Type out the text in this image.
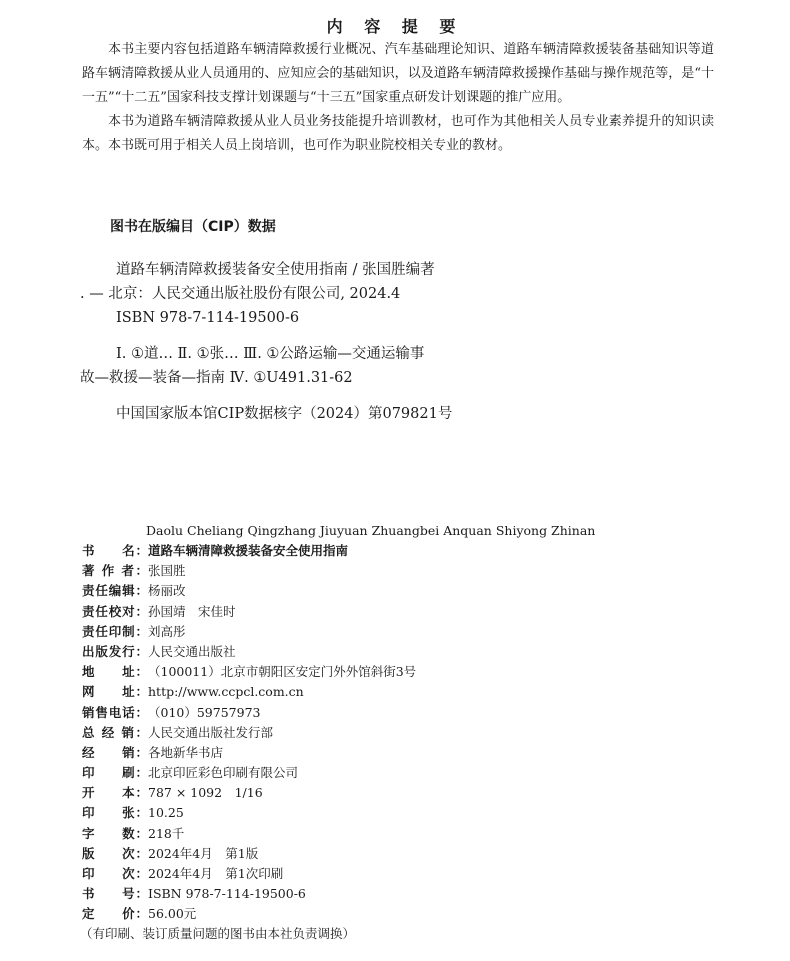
内 容 提 要

本书主要内容包括道路车辆清障救援行业概况、汽车基础理论知识、道路车辆清障救援装备基础知识等道路车辆清障救援从业人员通用的、应知应会的基础知识，以及道路车辆清障救援操作基础与操作规范等，是“十一五”“十二五”国家科技支撑计划课题与“十三五”国家重点研发计划课题的推广应用。

本书为道路车辆清障救援从业人员业务技能提升培训教材，也可作为其他相关人员专业素养提升的知识读本。本书既可用于相关人员上岗培训，也可作为职业院校相关专业的教材。

图书在版编目（CIP）数据
道路车辆清障救援装备安全使用指南 / 张国胜编著
. — 北京：人民交通出版社股份有限公司, 2024.4
ISBN 978-7-114-19500-6
Ⅰ. ①道… Ⅱ. ①张… Ⅲ. ①公路运输—交通运输事
故—救援—装备—指南 Ⅳ. ①U491.31-62
中国国家版本馆CIP数据核字（2024）第079821号
Daolu Cheliang Qingzhang Jiuyuan Zhuangbei Anquan Shiyong Zhinan
书　　名： 道路车辆清障救援装备安全使用指南
著 作 者： 张国胜
责任编辑： 杨丽改
责任校对： 孙国靖　宋佳时
责任印制： 刘高彤
出版发行： 人民交通出版社
地　　址： （100011）北京市朝阳区安定门外外馆斜街3号
网　　址： http://www.ccpcl.com.cn
销售电话： （010）59757973
总 经 销： 人民交通出版社发行部
经　　销： 各地新华书店
印　　刷： 北京印匠彩色印刷有限公司
开　　本： 787 × 1092　1/16
印　　张： 10.25
字　　数： 218千
版　　次： 2024年4月　第1版
印　　次： 2024年4月　第1次印刷
书　　号： ISBN 978-7-114-19500-6
定　　价： 56.00元
（有印刷、装订质量问题的图书由本社负责调换）
